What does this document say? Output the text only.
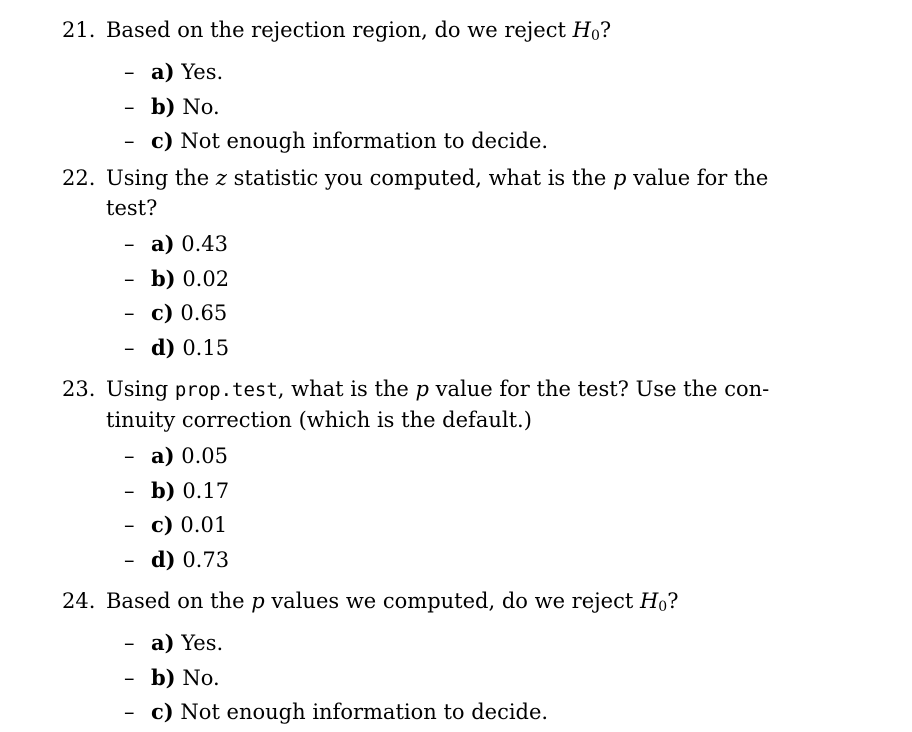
21. Based on the rejection region, do we reject $H_0$?
– a) Yes.
– b) No.
– c) Not enough information to decide.
22. Using the z statistic you computed, what is the p value for the test?
– a) 0.43
– b) 0.02
– c) 0.65
– d) 0.15
23. Using prop.test, what is the p value for the test? Use the con-tinuity correction (which is the default.)
– a) 0.05
– b) 0.17
– c) 0.01
– d) 0.73
24. Based on the p values we computed, do we reject $H_0$?
– a) Yes.
– b) No.
– c) Not enough information to decide.
